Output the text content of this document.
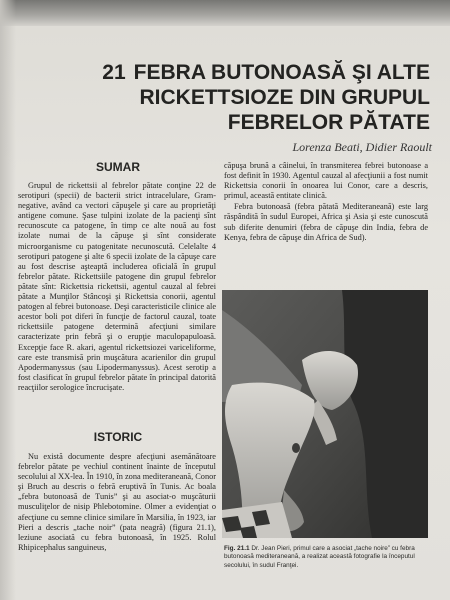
21 FEBRA BUTONOASĂ ŞI ALTE
RICKETTSIOZE DIN GRUPUL
FEBRELOR PĂTATE
Lorenza Beati, Didier Raoult
SUMAR

Grupul de rickettsii al febrelor pătate conţine 22 de serotipuri (specii) de bacterii strict intracelulare, Gram-negative, având ca vectori căpuşele şi care au proprietăţi antigene comune. Şase tulpini izolate de la pacienţi sînt recunoscute ca patogene, în timp ce alte nouă au fost izolate numai de la căpuşe şi sînt considerate microorganisme cu patogenitate necunoscută. Celelalte 4 serotipuri patogene şi alte 6 specii izolate de la căpuşe care au fost descrise aşteaptă includerea oficială în grupul febrelor pătate. Rickettsiile patogene din grupul febrelor pătate sînt: Rickettsia rickettsii, agentul cauzal al febrei pătate a Munţilor Stâncoşi şi Rickettsia conorii, agentul patogen al febrei butonoase. Deşi caracteristicile clinice ale acestor boli pot diferi în funcţie de factorul cauzal, toate rickettsiile patogene determină afecţiuni similare caracterizate prin febră şi o erupţie maculopapuloasă. Excepţie face R. akari, agentul rickettsiozei variceliforme, care este transmisă prin muşcătura acarienilor din grupul Apodermanyssus (sau Lipodermanyssus). Acest serotip a fost clasificat în grupul febrelor pătate în principal datorită reacţiilor serologice încrucişate.

ISTORIC

Nu există documente despre afecţiuni asemănătoare febrelor pătate pe vechiul continent înainte de începutul secolului al XX-lea. În 1910, în zona mediteraneană, Conor şi Bruch au descris o febră eruptivă în Tunis. Ac boala „febra butonoasă de Tunis” şi au asociat-o muşcăturii musculiţelor de nisip Phlebotomine. Olmer a evidenţiat o afecţiune cu semne clinice similare în Marsilia, în 1923, iar Pieri a descris „tache noir” (pata neagră) (figura 21.1), leziune asociată cu febra butonoasă, în 1925. Rolul Rhipicephalus sanguineus,

căpuşa brună a câinelui, în transmiterea febrei butonoase a fost definit în 1930. Agentul cauzal al afecţiunii a fost numit Rickettsia conorii în onoarea lui Conor, care a descris, primul, această entitate clinică.

Febra butonoasă (febra pătată Mediteraneană) este larg răspândită în sudul Europei, Africa şi Asia şi este cunoscută sub diferite denumiri (febra de căpuşe din India, febra de Kenya, febra de căpuşe din Africa de Sud).

Fig. 21.1 Dr. Jean Pieri, primul care a asociat „tache noire” cu febra butonoasă mediteraneană, a realizat această fotografie la începutul secolului, în sudul Franţei.
